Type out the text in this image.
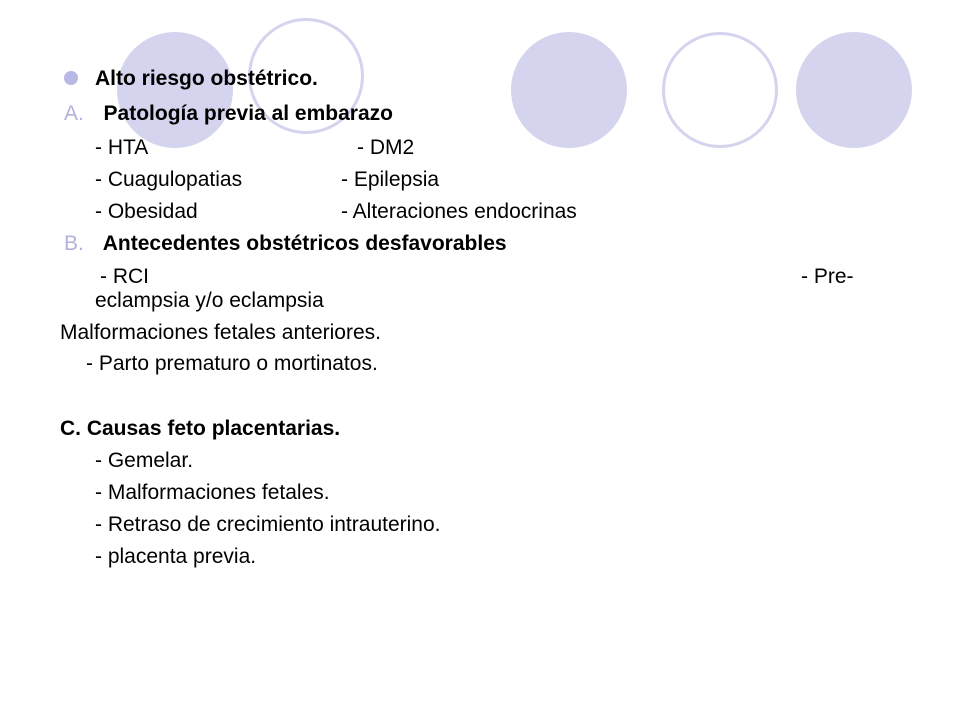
Alto riesgo obstétrico.
A. Patología previa al embarazo
- HTA	- DM2
- Cuagulopatias	- Epilepsia
- Obesidad	- Alteraciones endocrinas
B. Antecedentes obstétricos desfavorables
- RCI	- Pre-
eclampsia y/o eclampsia
Malformaciones fetales anteriores.
- Parto prematuro o mortinatos.
C. Causas feto placentarias.
- Gemelar.
- Malformaciones fetales.
- Retraso de crecimiento intrauterino.
- placenta previa.
